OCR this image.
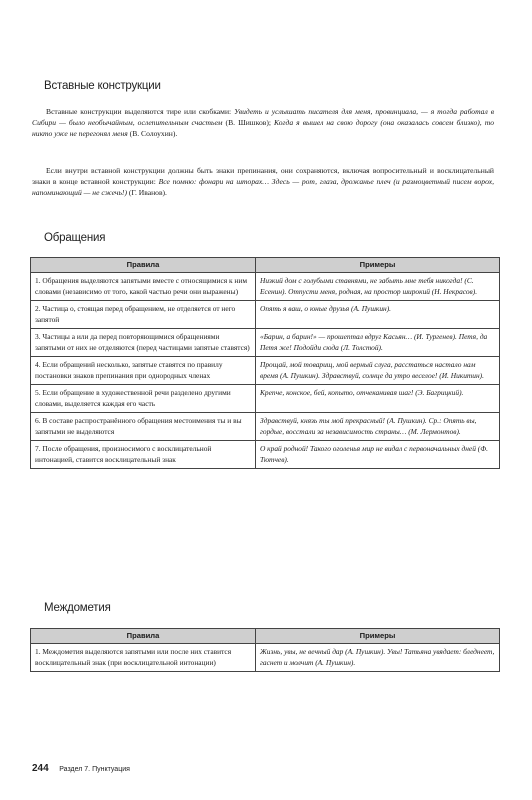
Вставные конструкции
Вставные конструкции выделяются тире или скобками: Увидеть и услышать писателя для меня, провинциала, — я тогда работал в Сибири — было необычайным, ослепительным счастьем (В. Шишков); Когда я вышел на свою дорогу (она оказалась совсем близко), то никто уже не перегонял меня (В. Солоухин).
Если внутри вставной конструкции должны быть знаки препинания, они сохраняются, включая вопросительный и восклицательный знаки в конце вставной конструкции: Все помню: фонари на шторах… Здесь — рот, глаза, дрожанье плеч (и размоцветный писем ворох, напоминающий — не сжечь!) (Г. Иванов).
Обращения
Правила	Примеры
1. Обращения выделяются запятыми вместе с относящимися к ним словами (независимо от того, какой частью речи они выражены)	Низкий дом с голубыми ставнями, не забыть мне тебя никогда! (С. Есенин). Отпусти меня, родная, на простор широкий (Н. Некрасов).
2. Частица о, стоящая перед обращением, не отделяется от него запятой	Опять я ваш, о юные друзья (А. Пушкин).
3. Частицы а или да перед повторяющимися обращениями запятыми от них не отделяются (перед частицами запятые ставятся)	«Барин, а барин!» — прошептал вдруг Касьян… (И. Тургенев). Петя, да Петя же! Подойди сюда (Л. Толстой).
4. Если обращений несколько, запятые ставятся по правилу постановки знаков препинания при однородных членах	Прощай, мой товарищ, мой верный слуга, расстаться настало нам время (А. Пушкин). Здравствуй, солнце да утро веселое! (И. Никитин).
5. Если обращение в художественной речи разделено другими словами, выделяется каждая его часть	Крепче, конское, бей, копыто, отчеканивая шаг! (Э. Багрицкий).
6. В составе распространённого обращения местоимения ты и вы запятыми не выделяются	Здравствуй, князь ты мой прекрасный! (А. Пушкин). Ср.: Опять вы, гордые, восстали за независимость страны… (М. Лермонтов).
7. После обращения, произносимого с восклицательной интонацией, ставится восклицательный знак	О край родной! Такого оголенья мир не видал с первоначальных дней (Ф. Тютчев).
Междометия
Правила	Примеры
1. Междометия выделяются запятыми или после них ставится восклицательный знак (при восклицательной интонации)	Жизнь, увы, не вечный дар (А. Пушкин). Увы! Татьяна увядает: бледнеет, гаснет и молчит (А. Пушкин).
244 Раздел 7. Пунктуация
